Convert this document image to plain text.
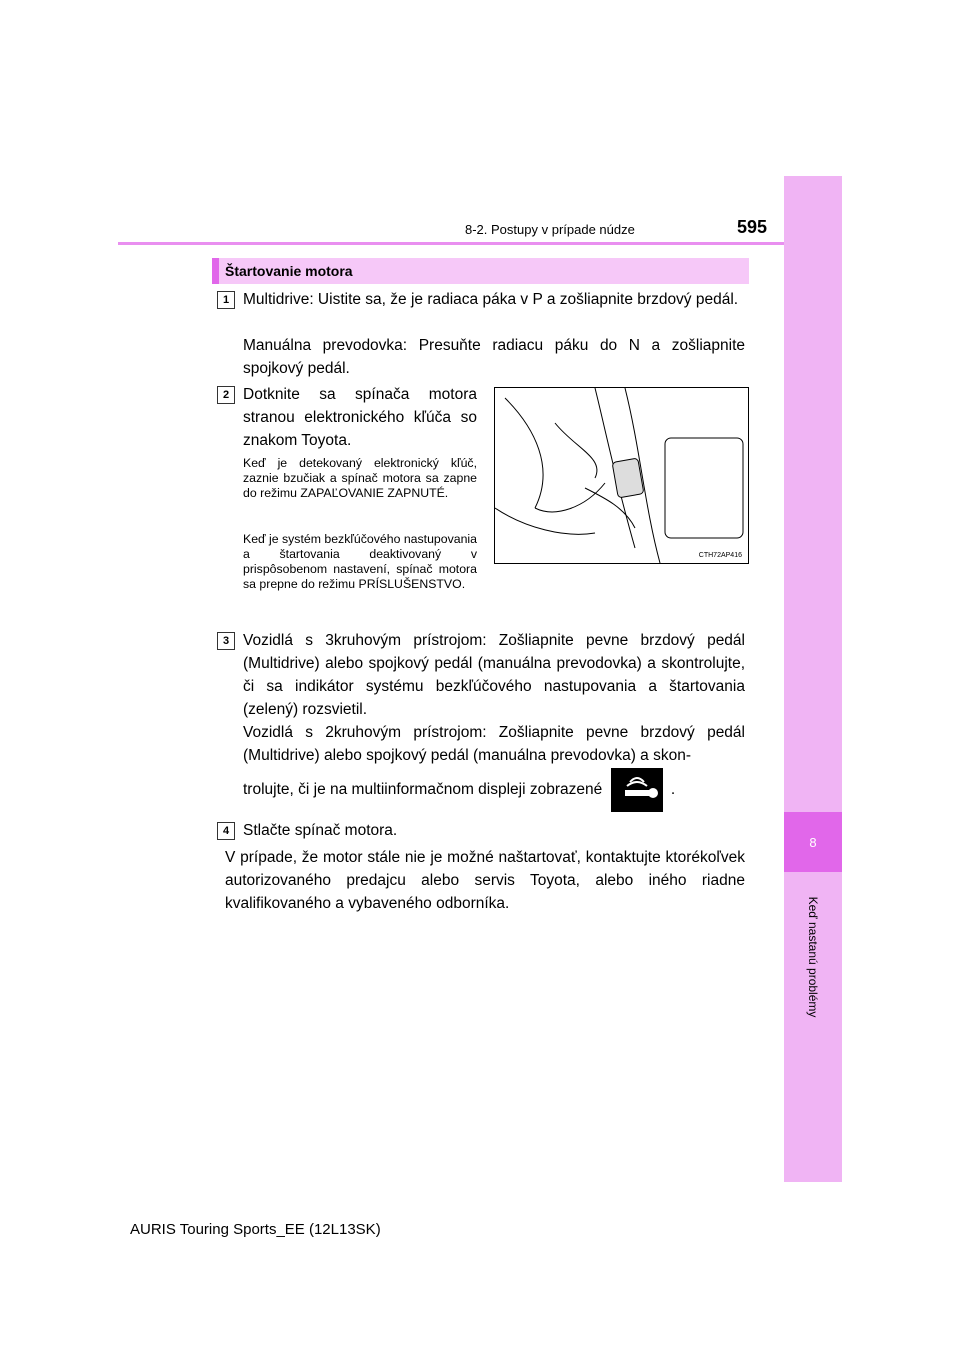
8
Keď nastanú problémy
595
8-2. Postupy v prípade núdze
Štartovanie motora
1 Multidrive: Uistite sa, že je radiaca páka v P a zošliapnite brzdový pedál.
Manuálna prevodovka: Presuňte radiacu páku do N a zošliapnite spojkový pedál.
2 Dotknite sa spínača motora stranou elektronického kľúča so znakom Toyota.
Keď je detekovaný elektronický kľúč, zaznie bzučiak a spínač motora sa zapne do režimu ZAPAĽOVANIE ZAPNUTÉ.
Keď je systém bezkľúčového nastupovania a štartovania deaktivovaný v prispôsobenom nastavení, spínač motora sa prepne do režimu PRÍSLUŠENSTVO.
CTH72AP416
3 Vozidlá s 3kruhovým prístrojom: Zošliapnite pevne brzdový pedál (Multidrive) alebo spojkový pedál (manuálna prevodovka) a skontrolujte, či sa indikátor systému bezkľúčového nastupovania a štartovania (zelený) rozsvietil.
Vozidlá s 2kruhovým prístrojom: Zošliapnite pevne brzdový pedál (Multidrive) alebo spojkový pedál (manuálna prevodovka) a skon-
trolujte, či je na multiinformačnom displeji zobrazené	.
4 Stlačte spínač motora.
V prípade, že motor stále nie je možné naštartovať, kontaktujte ktorékoľvek autorizovaného predajcu alebo servis Toyota, alebo iného riadne kvalifikovaného a vybaveného odborníka.
AURIS Touring Sports_EE (12L13SK)
